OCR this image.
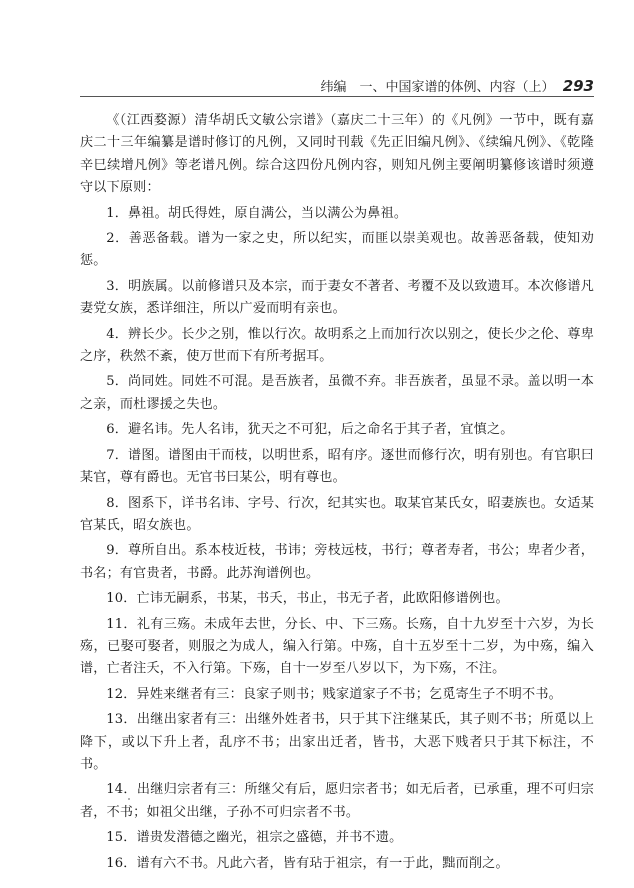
纬编　一、中国家谱的体例、内容（上） 293

《（江西婺源）清华胡氏文敏公宗谱》（嘉庆二十三年）的《凡例》一节中，既有嘉庆二十三年编纂是谱时修订的凡例，又同时刊载《先正旧编凡例》、《续编凡例》、《乾隆辛巳续增凡例》等老谱凡例。综合这四份凡例内容，则知凡例主要阐明纂修该谱时须遵守以下原则：

1．鼻祖。胡氏得姓，原自满公，当以满公为鼻祖。

2．善恶备载。谱为一家之史，所以纪实，而匪以崇美观也。故善恶备载，使知劝惩。

3．明族属。以前修谱只及本宗，而于妻女不著者、考覆不及以致遗耳。本次修谱凡妻党女族，悉详细注，所以广爱而明有亲也。

4．辨长少。长少之别，惟以行次。故明系之上而加行次以别之，使长少之伦、尊卑之序，秩然不紊，使万世而下有所考据耳。

5．尚同姓。同姓不可混。是吾族者，虽微不弃。非吾族者，虽显不录。盖以明一本之亲，而杜谬援之失也。

6．避名讳。先人名讳，犹天之不可犯，后之命名于其子者，宜慎之。

7．谱图。谱图由干而枝，以明世系，昭有序。逐世而修行次，明有别也。有官职曰某官，尊有爵也。无官书曰某公，明有尊也。

8．图系下，详书名讳、字号、行次，纪其实也。取某官某氏女，昭妻族也。女适某官某氏，昭女族也。

9．尊所自出。系本枝近枝，书讳；旁枝远枝，书行；尊者寿者，书公；卑者少者，书名；有官贵者，书爵。此苏洵谱例也。

10．亡讳无嗣系，书某，书夭，书止，书无子者，此欧阳修谱例也。

11．礼有三殇。未成年去世，分长、中、下三殇。长殇，自十九岁至十六岁，为长殇，已娶可娶者，则服之为成人，编入行第。中殇，自十五岁至十二岁，为中殇，编入谱，亡者注夭，不入行第。下殇，自十一岁至八岁以下，为下殇，不注。

12．异姓来继者有三：良家子则书；贱家道家子不书；乞觅寄生子不明不书。

13．出继出家者有三：出继外姓者书，只于其下注继某氏，其子则不书；所觅以上降下，或以下升上者，乱序不书；出家出迁者，皆书，大恶下贱者只于其下标注，不书。

14．出继归宗者有三：所继父有后，愿归宗者书；如无后者，已承重，理不可归宗者，不书；如祖父出继，子孙不可归宗者不书。

15．谱贵发潜德之幽光，祖宗之盛德，并书不遗。

16．谱有六不书。凡此六者，皆有玷于祖宗，有一于此，黜而削之。
